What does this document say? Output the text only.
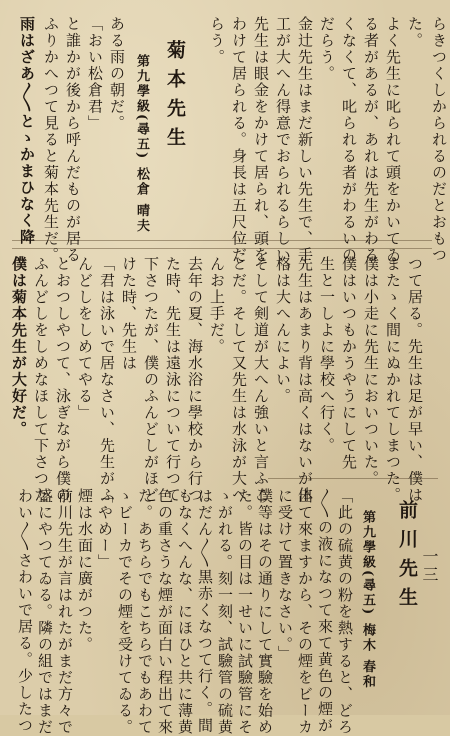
一三
らきつくしかられるのだとおもつ
た。
よく先生に叱られて頭をかいてゐ
る者があるが、あれは先生がわる
くなくて、叱られる者がわるいの
だらう。
金辻先生はまだ新しい先生で、手
工が大へん得意でおられるらしい。
先生は眼金をかけて居られ、頭を
わけて居られる。身長は五尺位だ
らう。
菊本先生
第九學級(尋五) 松倉 晴夫
ある雨の朝だ。
「おい松倉君」
と誰かが後から呼んだものが居る
ふりかへつて見ると菊本先生だ。
雨はざあ〱とゝかまひなく降
つて居る。先生は足が早い、僕は
またゝく間にぬかれてしまつた。
僕は小走に先生においついた。
僕はいつもかうやうにして先
生と一しよに學校へ行く。
先生はあまり背は高くはないが体
格は大へんによい。
そして剣道が大へん強いと言ふこ
とだ。そして又先生は水泳が大へ
んお上手だ。
去年の夏、海水浴に學校から行つ
た時、先生は遠泳について行つて
下さつたが、僕のふんどしがほど
けた時、先生は
「君は泳いで居なさい、先生がふ
んどしをしめてやる」
とおつしやつて、泳ぎながら僕の
ふんどしをしめなほして下さつた
僕は菊本先生が大好だ。
前川先生
第九學級(尋五) 梅木 春和
「此の硫黄の粉を熱すると、どろ
〱の液になつて來て黄色の煙が
出て來ますから、その煙をビーカ
に受けて置きなさい。」
僕等はその通りにして實驗を始め
た。皆の目は一せいに試驗管にそ
ゝがれる。刻一刻、試驗管の硫黄
はだん〱黒赤くなつて行く。間
もなくへんな、にほひと共に薄黄
色の重さうな煙が面白い程出て來
た。あちらでもこちらでもあわて
ゝビーカでその煙を受けてゐる。
「やめー」
煙は水面に廣がつた。
前川先生が言はれたがまだ方々で
盛にやつてゐる。隣の組ではまだ
わい〱さわいで居る。少したつ
